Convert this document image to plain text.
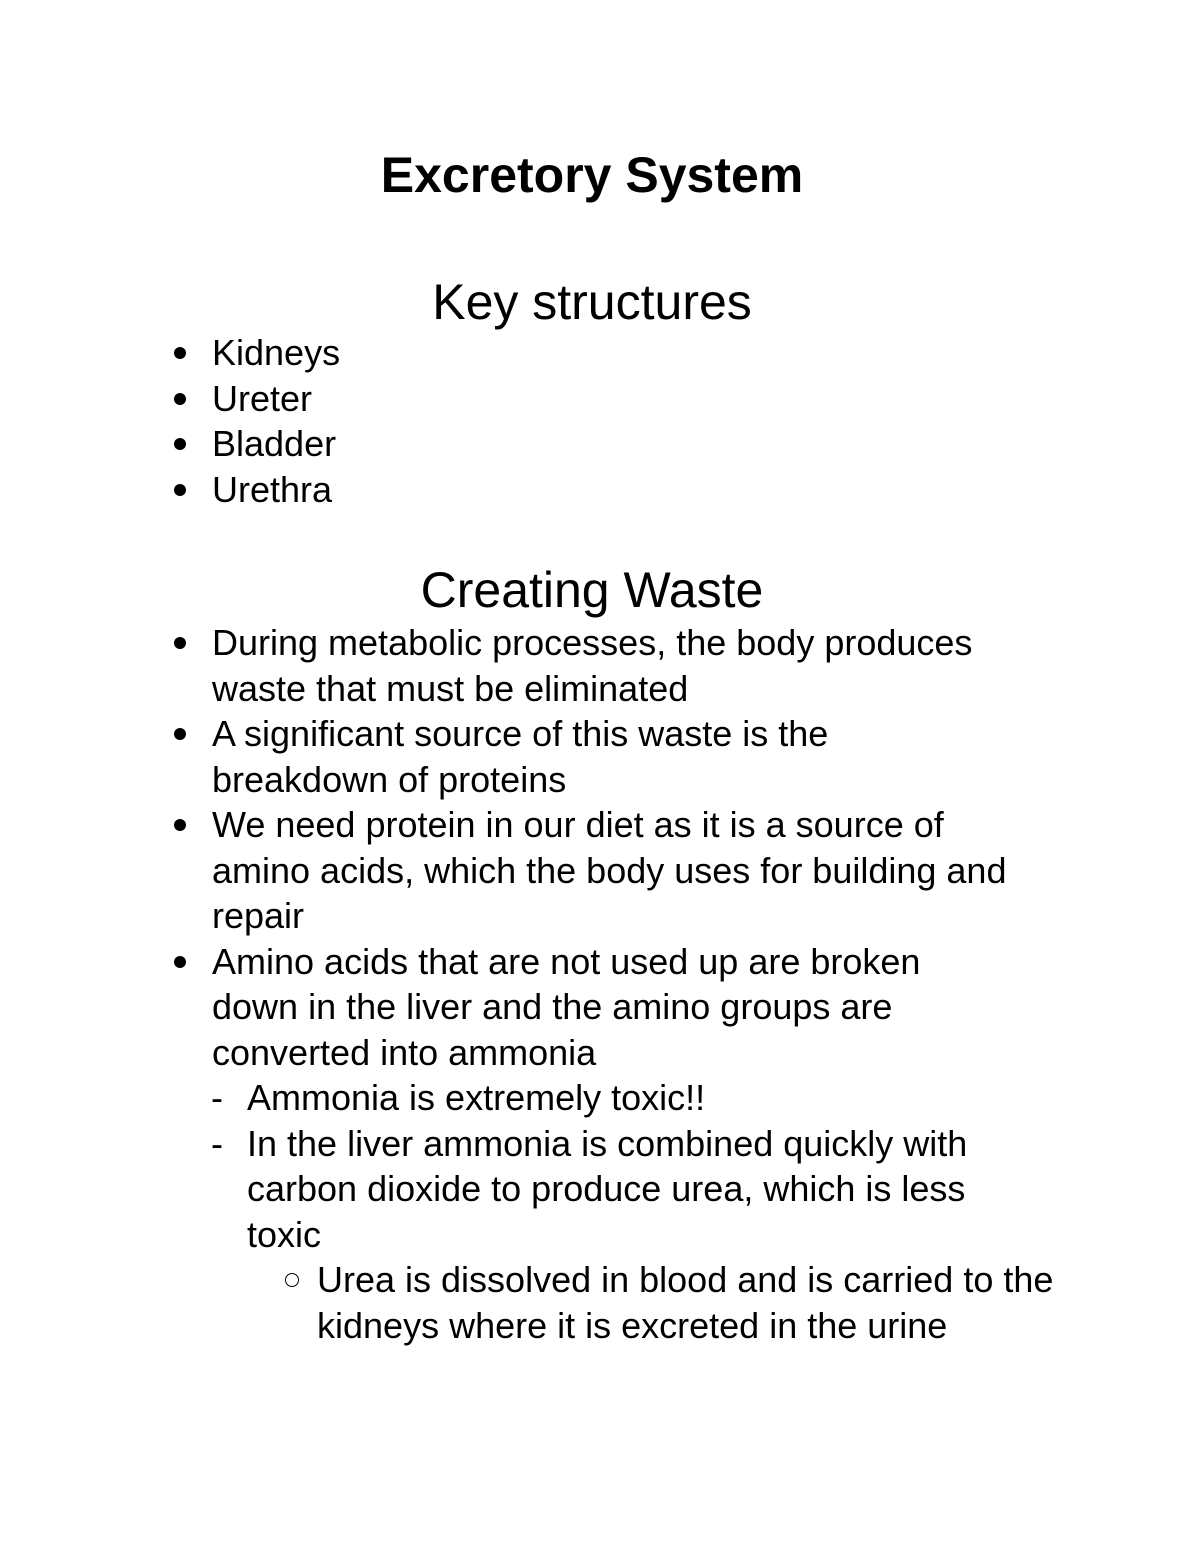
Excretory System
Key structures
Kidneys
Ureter
Bladder
Urethra
Creating Waste
During metabolic processes, the body produces waste that must be eliminated
A significant source of this waste is the breakdown of proteins
We need protein in our diet as it is a source of amino acids, which the body uses for building and repair
Amino acids that are not used up are broken down in the liver and the amino groups are converted into ammonia
- Ammonia is extremely toxic!!
- In the liver ammonia is combined quickly with carbon dioxide to produce urea, which is less toxic
Urea is dissolved in blood and is carried to the kidneys where it is excreted in the urine
